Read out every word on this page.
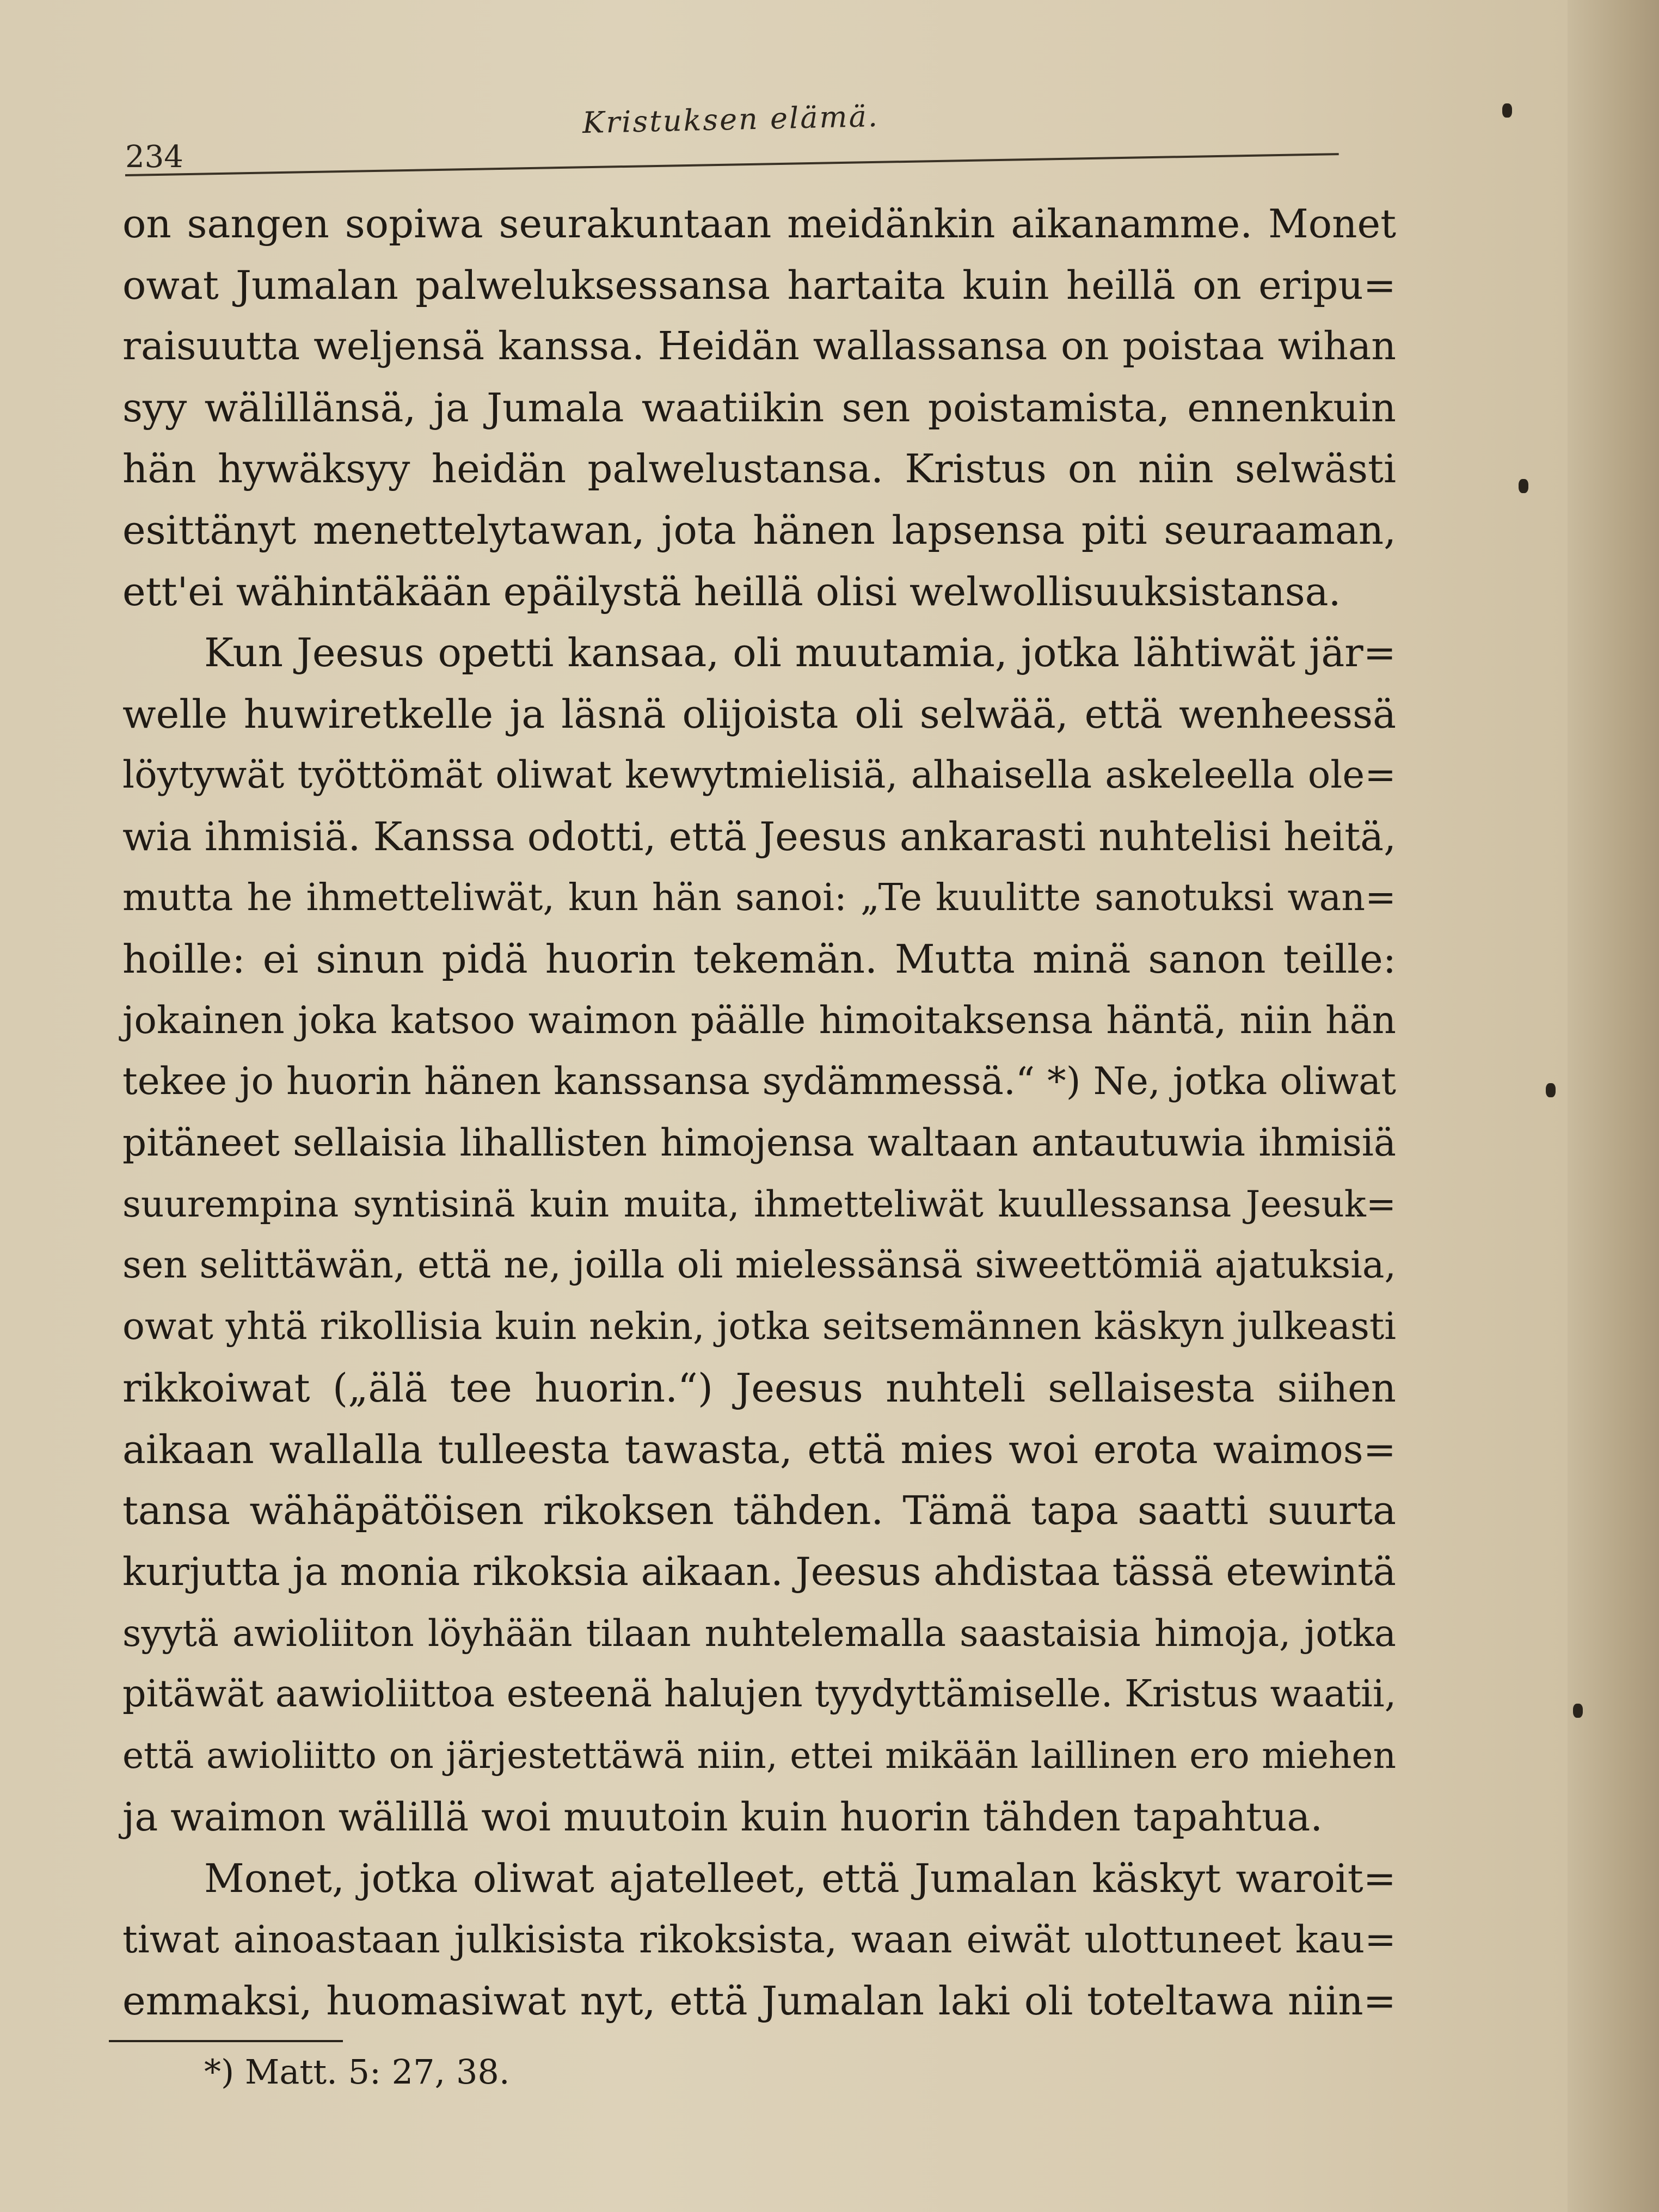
234
Kristuksen elämä.
on sangen sopiwa seurakuntaan meidänkin aikanamme. Monet
owat Jumalan palweluksessansa hartaita kuin heillä on eripu=
raisuutta weljensä kanssa. Heidän wallassansa on poistaa wihan
syy wälillänsä, ja Jumala waatiikin sen poistamista, ennenkuin
hän hywäksyy heidän palwelustansa. Kristus on niin selwästi
esittänyt menettelytawan, jota hänen lapsensa piti seuraaman,
ett'ei wähintäkään epäilystä heillä olisi welwollisuuksistansa.
Kun Jeesus opetti kansaa, oli muutamia, jotka lähtiwät jär=
welle huwiretkelle ja läsnä olijoista oli selwää, että wenheessä
löytywät työttömät oliwat kewytmielisiä, alhaisella askeleella ole=
wia ihmisiä. Kanssa odotti, että Jeesus ankarasti nuhtelisi heitä,
mutta he ihmetteliwät, kun hän sanoi: „Te kuulitte sanotuksi wan=
hoille: ei sinun pidä huorin tekemän. Mutta minä sanon teille:
jokainen joka katsoo waimon päälle himoitaksensa häntä, niin hän
tekee jo huorin hänen kanssansa sydämmessä.“ *) Ne, jotka oliwat
pitäneet sellaisia lihallisten himojensa waltaan antautuwia ihmisiä
suurempina syntisinä kuin muita, ihmetteliwät kuullessansa Jeesuk=
sen selittäwän, että ne, joilla oli mielessänsä siweettömiä ajatuksia,
owat yhtä rikollisia kuin nekin, jotka seitsemännen käskyn julkeasti
rikkoiwat („älä tee huorin.“) Jeesus nuhteli sellaisesta siihen
aikaan wallalla tulleesta tawasta, että mies woi erota waimos=
tansa wähäpätöisen rikoksen tähden. Tämä tapa saatti suurta
kurjutta ja monia rikoksia aikaan. Jeesus ahdistaa tässä etewintä
syytä awioliiton löyhään tilaan nuhtelemalla saastaisia himoja, jotka
pitäwät aawioliittoa esteenä halujen tyydyttämiselle. Kristus waatii,
että awioliitto on järjestettäwä niin, ettei mikään laillinen ero miehen
ja waimon wälillä woi muutoin kuin huorin tähden tapahtua.
Monet, jotka oliwat ajatelleet, että Jumalan käskyt waroit=
tiwat ainoastaan julkisista rikoksista, waan eiwät ulottuneet kau=
emmaksi, huomasiwat nyt, että Jumalan laki oli toteltawa niin=
*) Matt. 5: 27, 38.
